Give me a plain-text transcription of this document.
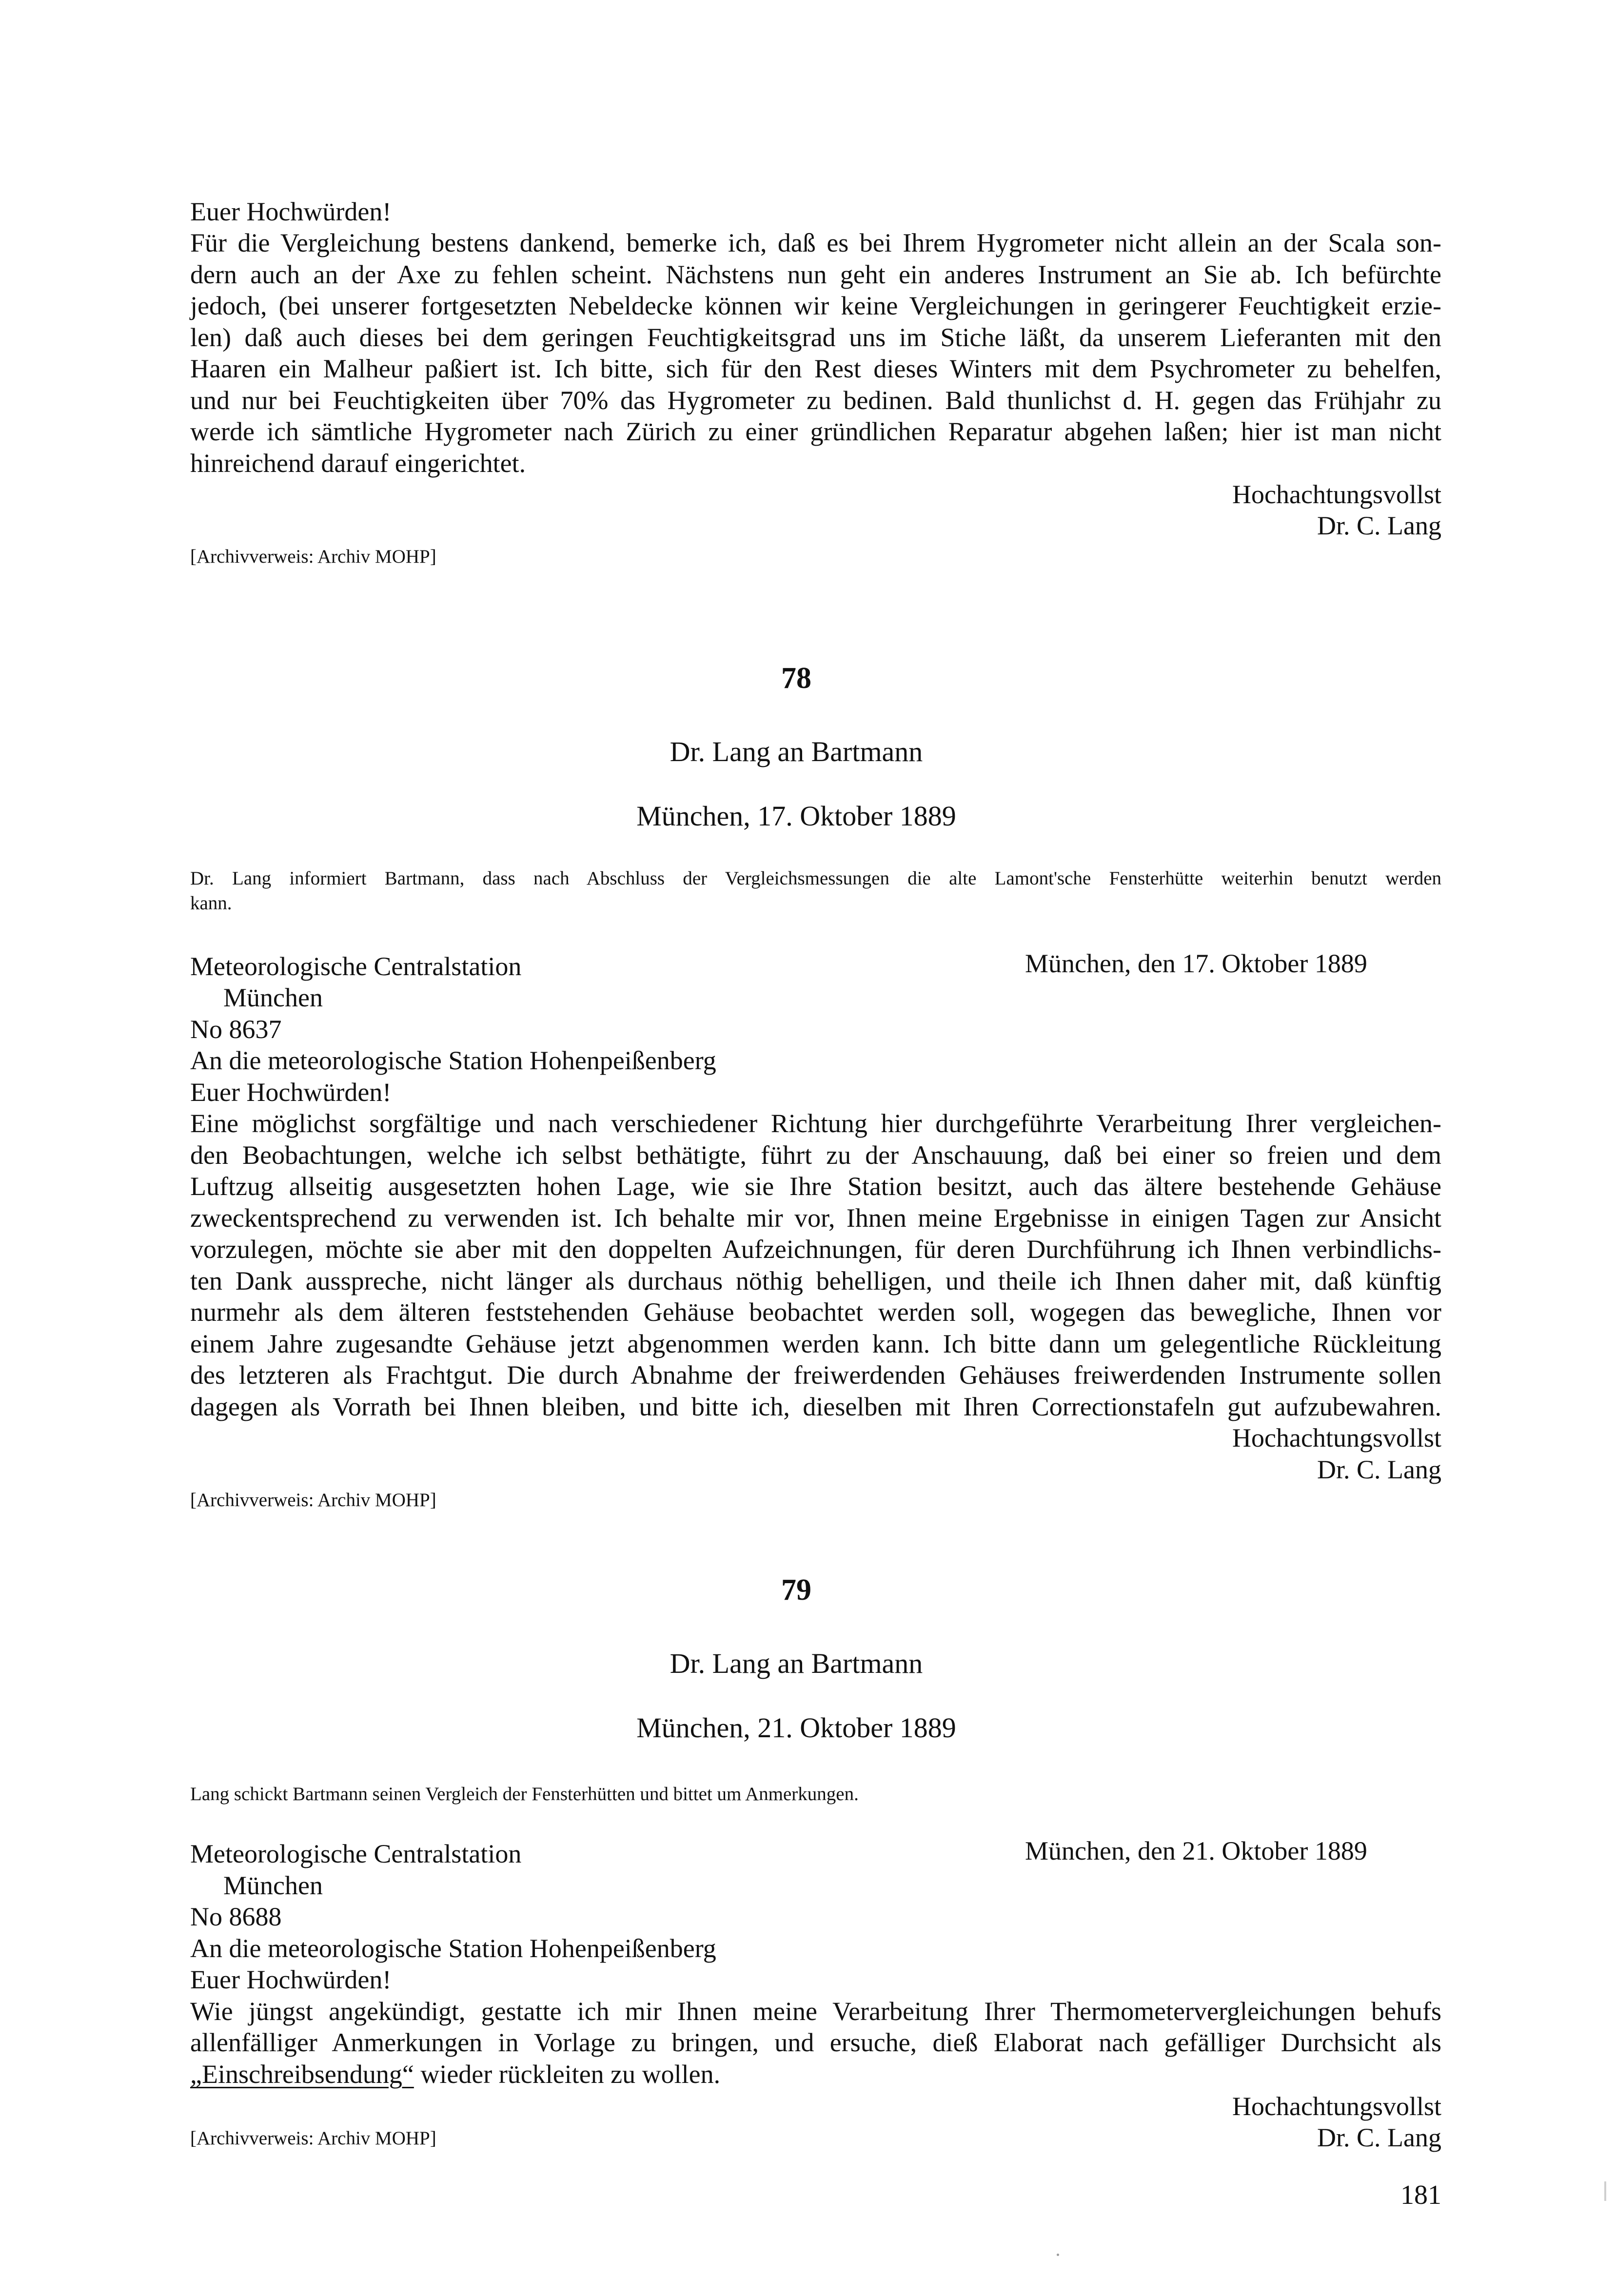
Euer Hochwürden!
Für die Vergleichung bestens dankend, bemerke ich, daß es bei Ihrem Hygrometer nicht allein an der Scala son-
dern auch an der Axe zu fehlen scheint. Nächstens nun geht ein anderes Instrument an Sie ab. Ich befürchte
jedoch, (bei unserer fortgesetzten Nebeldecke können wir keine Vergleichungen in geringerer Feuchtigkeit erzie-
len) daß auch dieses bei dem geringen Feuchtigkeitsgrad uns im Stiche läßt, da unserem Lieferanten mit den
Haaren ein Malheur paßiert ist. Ich bitte, sich für den Rest dieses Winters mit dem Psychrometer zu behelfen,
und nur bei Feuchtigkeiten über 70% das Hygrometer zu bedinen. Bald thunlichst d. H. gegen das Frühjahr zu
werde ich sämtliche Hygrometer nach Zürich zu einer gründlichen Reparatur abgehen laßen; hier ist man nicht
hinreichend darauf eingerichtet.
Hochachtungsvollst
Dr. C. Lang
[Archivverweis: Archiv MOHP]
78
Dr. Lang an Bartmann
München, 17. Oktober 1889
Dr. Lang informiert Bartmann, dass nach Abschluss der Vergleichsmessungen die alte Lamont'sche Fensterhütte weiterhin benutzt werden
kann.
Meteorologische Centralstation	München, den 17. Oktober 1889
München
No 8637
An die meteorologische Station Hohenpeißenberg
Euer Hochwürden!
Eine möglichst sorgfältige und nach verschiedener Richtung hier durchgeführte Verarbeitung Ihrer vergleichen-
den Beobachtungen, welche ich selbst bethätigte, führt zu der Anschauung, daß bei einer so freien und dem
Luftzug allseitig ausgesetzten hohen Lage, wie sie Ihre Station besitzt, auch das ältere bestehende Gehäuse
zweckentsprechend zu verwenden ist. Ich behalte mir vor, Ihnen meine Ergebnisse in einigen Tagen zur Ansicht
vorzulegen, möchte sie aber mit den doppelten Aufzeichnungen, für deren Durchführung ich Ihnen verbindlichs-
ten Dank ausspreche, nicht länger als durchaus nöthig behelligen, und theile ich Ihnen daher mit, daß künftig
nurmehr als dem älteren feststehenden Gehäuse beobachtet werden soll, wogegen das bewegliche, Ihnen vor
einem Jahre zugesandte Gehäuse jetzt abgenommen werden kann. Ich bitte dann um gelegentliche Rückleitung
des letzteren als Frachtgut. Die durch Abnahme der freiwerdenden Gehäuses freiwerdenden Instrumente sollen
dagegen als Vorrath bei Ihnen bleiben, und bitte ich, dieselben mit Ihren Correctionstafeln gut aufzubewahren.
Hochachtungsvollst
Dr. C. Lang
[Archivverweis: Archiv MOHP]
79
Dr. Lang an Bartmann
München, 21. Oktober 1889
Lang schickt Bartmann seinen Vergleich der Fensterhütten und bittet um Anmerkungen.
Meteorologische Centralstation	München, den 21. Oktober 1889
München
No 8688
An die meteorologische Station Hohenpeißenberg
Euer Hochwürden!
Wie jüngst angekündigt, gestatte ich mir Ihnen meine Verarbeitung Ihrer Thermometervergleichungen behufs
allenfälliger Anmerkungen in Vorlage zu bringen, und ersuche, dieß Elaborat nach gefälliger Durchsicht als
„Einschreibsendung“ wieder rückleiten zu wollen.
Hochachtungsvollst
Dr. C. Lang
[Archivverweis: Archiv MOHP]
181
